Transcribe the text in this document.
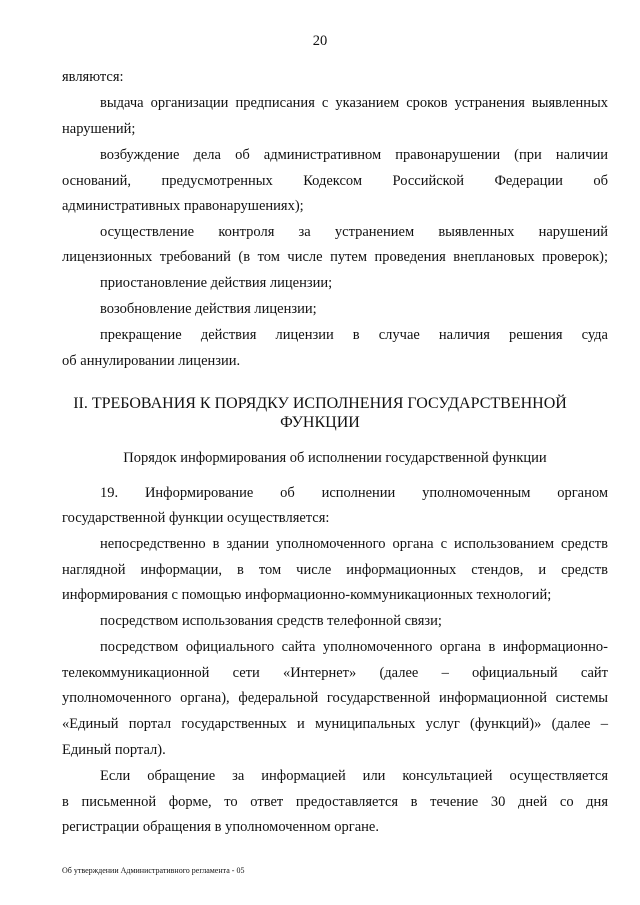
20
являются:
выдача организации предписания с указанием сроков устранения выявленных
нарушений;
возбуждение дела об административном правонарушении (при наличии
оснований, предусмотренных Кодексом Российской Федерации об
административных правонарушениях);
осуществление контроля за устранением выявленных нарушений
лицензионных требований (в том числе путем проведения внеплановых проверок);
приостановление действия лицензии;
возобновление действия лицензии;
прекращение действия лицензии в случае наличия решения суда
об аннулировании лицензии.
II. ТРЕБОВАНИЯ К ПОРЯДКУ ИСПОЛНЕНИЯ ГОСУДАРСТВЕННОЙ
ФУНКЦИИ
Порядок информирования об исполнении государственной функции
19. Информирование об исполнении уполномоченным органом
государственной функции осуществляется:
непосредственно в здании уполномоченного органа с использованием средств
наглядной информации, в том числе информационных стендов, и средств
информирования с помощью информационно-коммуникационных технологий;
посредством использования средств телефонной связи;
посредством официального сайта уполномоченного органа в информационно-
телекоммуникационной сети «Интернет» (далее – официальный сайт
уполномоченного органа), федеральной государственной информационной системы
«Единый портал государственных и муниципальных услуг (функций)» (далее –
Единый портал).
Если обращение за информацией или консультацией осуществляется
в письменной форме, то ответ предоставляется в течение 30 дней со дня
регистрации обращения в уполномоченном органе.
Об утверждении Административного регламента - 05
